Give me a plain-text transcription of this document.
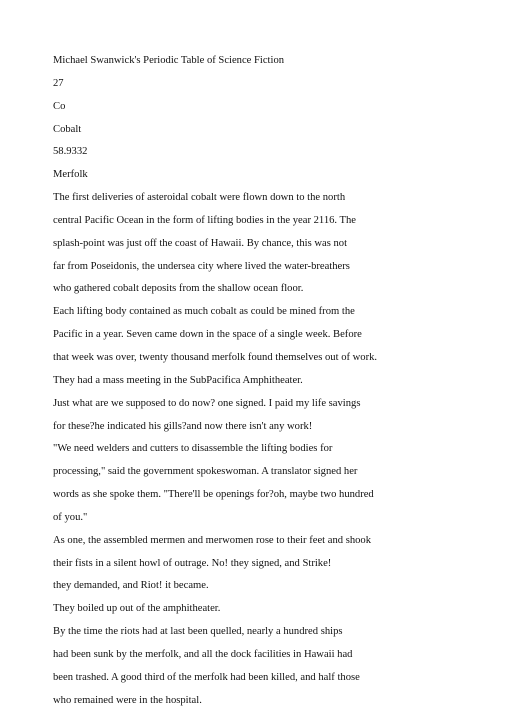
Michael Swanwick's Periodic Table of Science Fiction
27
Co
Cobalt
58.9332
Merfolk
The first deliveries of asteroidal cobalt were flown down to the north
central Pacific Ocean in the form of lifting bodies in the year 2116. The
splash-point was just off the coast of Hawaii. By chance, this was not
far from Poseidonis, the undersea city where lived the water-breathers
who gathered cobalt deposits from the shallow ocean floor.
Each lifting body contained as much cobalt as could be mined from the
Pacific in a year. Seven came down in the space of a single week. Before
that week was over, twenty thousand merfolk found themselves out of work.
They had a mass meeting in the SubPacifica Amphitheater.
Just what are we supposed to do now? one signed. I paid my life savings
for these?he indicated his gills?and now there isn't any work!
"We need welders and cutters to disassemble the lifting bodies for
processing," said the government spokeswoman. A translator signed her
words as she spoke them. "There'll be openings for?oh, maybe two hundred
of you."
As one, the assembled mermen and merwomen rose to their feet and shook
their fists in a silent howl of outrage. No! they signed, and Strike!
they demanded, and Riot! it became.
They boiled up out of the amphitheater.
By the time the riots had at last been quelled, nearly a hundred ships
had been sunk by the merfolk, and all the dock facilities in Hawaii had
been trashed. A good third of the merfolk had been killed, and half those
who remained were in the hospital.
